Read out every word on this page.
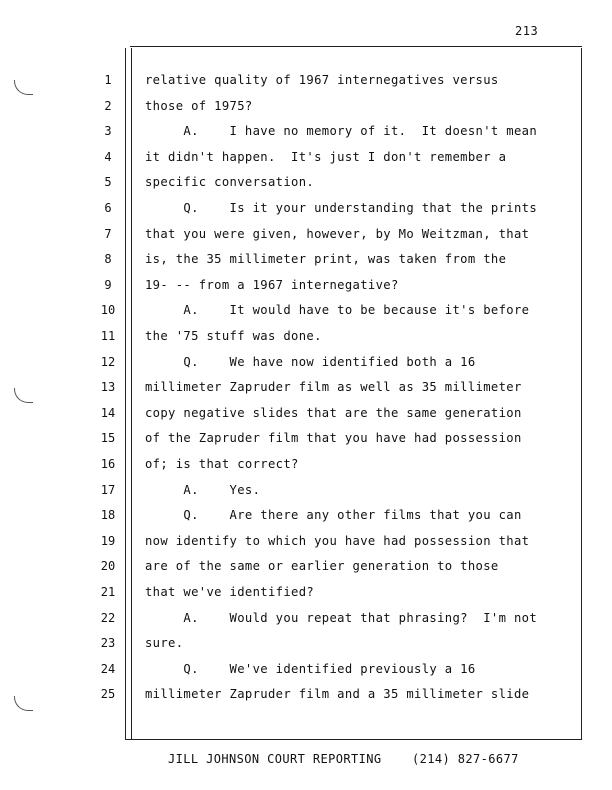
213
1
2
3
4
5
6
7
8
9
10
11
12
13
14
15
16
17
18
19
20
21
22
23
24
25
relative quality of 1967 internegatives versus
those of 1975?
A.    I have no memory of it.  It doesn't mean
it didn't happen.  It's just I don't remember a
specific conversation.
Q.    Is it your understanding that the prints
that you were given, however, by Mo Weitzman, that
is, the 35 millimeter print, was taken from the
19- -- from a 1967 internegative?
A.    It would have to be because it's before
the '75 stuff was done.
Q.    We have now identified both a 16
millimeter Zapruder film as well as 35 millimeter
copy negative slides that are the same generation
of the Zapruder film that you have had possession
of; is that correct?
A.    Yes.
Q.    Are there any other films that you can
now identify to which you have had possession that
are of the same or earlier generation to those
that we've identified?
A.    Would you repeat that phrasing?  I'm not
sure.
Q.    We've identified previously a 16
millimeter Zapruder film and a 35 millimeter slide
JILL JOHNSON COURT REPORTING	(214) 827-6677
